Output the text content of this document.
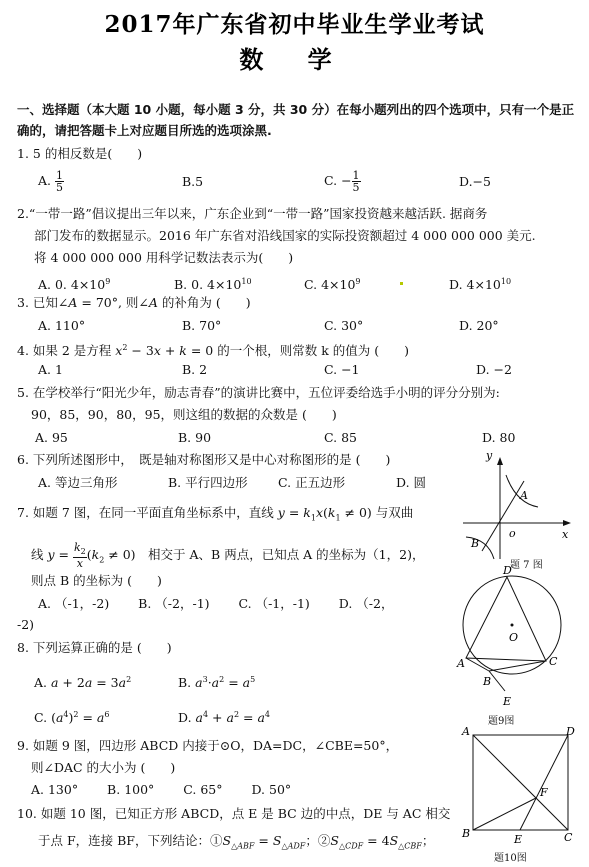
2017年广东省初中毕业生学业考试
数 学
一、选择题（本大题 10 小题，每小题 3 分，共 30 分）在每小题列出的四个选项中，只有一个是正确的，请把答题卡上对应题目所选的选项涂黑.
1. 5 的相反数是(　　)
A. $\frac{1}{5}$	B.5	C. − $\frac{1}{5}$	D.−5
2.“一带一路”倡议提出三年以来，广东企业到“一带一路”国家投资越来越活跃. 据商务
部门发布的数据显示。2016 年广东省对沿线国家的实际投资额超过 4 000 000 000 美元.
将 4 000 000 000 用科学记数法表示为(　　)
A. 0. $4\times 10^9$	B. 0. $4\times 10^{10}$	C. $4\times 10^9$	D. $4\times 10^{10}$
3. 已知∠A = 70°, 则∠A 的补角为 (　　)
A. 110°	B. 70°	C. 30°	D. 20°
4. 如果 2 是方程 $x^2 - 3x + k = 0$ 的一个根，则常数 k 的值为 (　　)
A. 1	B. 2	C. −1	D. −2
5. 在学校举行“阳光少年，励志青春”的演讲比赛中，五位评委给选手小明的评分分别为:
90，85，90，80，95，则这组的数据的众数是 (　　)
A. 95	B. 90	C. 85	D. 80
6. 下列所述图形中，　既是轴对称图形又是中心对称图形的是 (　　)
A. 等边三角形	B. 平行四边形 C. 正五边形	D. 圆
7. 如题 7 图，在同一平面直角坐标系中，直线 $y = k_1x(k_1 \ne 0)$ 与双曲
线 $y = \frac{k_2}{x} (k_2 \ne 0)$　相交于 A、B 两点，已知点 A 的坐标为（1，2)，
则点 B 的坐标为 (　　)
A. （-1，-2)　　 B. （-2，-1)　　 C. （-1，-1)　　 D. （-2，
-2)
8. 下列运算正确的是 (　　)
A. $a + 2a = 3a^2$	B. $a^3\cdot a^2 = a^5$
C. $(a^4)^2 = a^6$	D. $a^4 + a^2 = a^4$
9. 如题 9 图，四边形 ABCD 内接于⊙O，DA=DC，∠CBE=50°，
则∠DAC 的大小为 (　　)
A. 130°　　 B. 100°　　 C. 65°　　 D. 50°
10. 如题 10 图，已知正方形 ABCD，点 E 是 BC 边的中点，DE 与 AC 相交
于点 F，连接 BF，下列结论：$①S_{\triangle ABF} = S_{\triangle ADF}$；$②S_{\triangle CDF} = 4S_{\triangle CBF}$；
y
x
o
A
B
题 7 图
D
O
A	C
B
E
题9图
A	D
F
B	E	C
题10图
